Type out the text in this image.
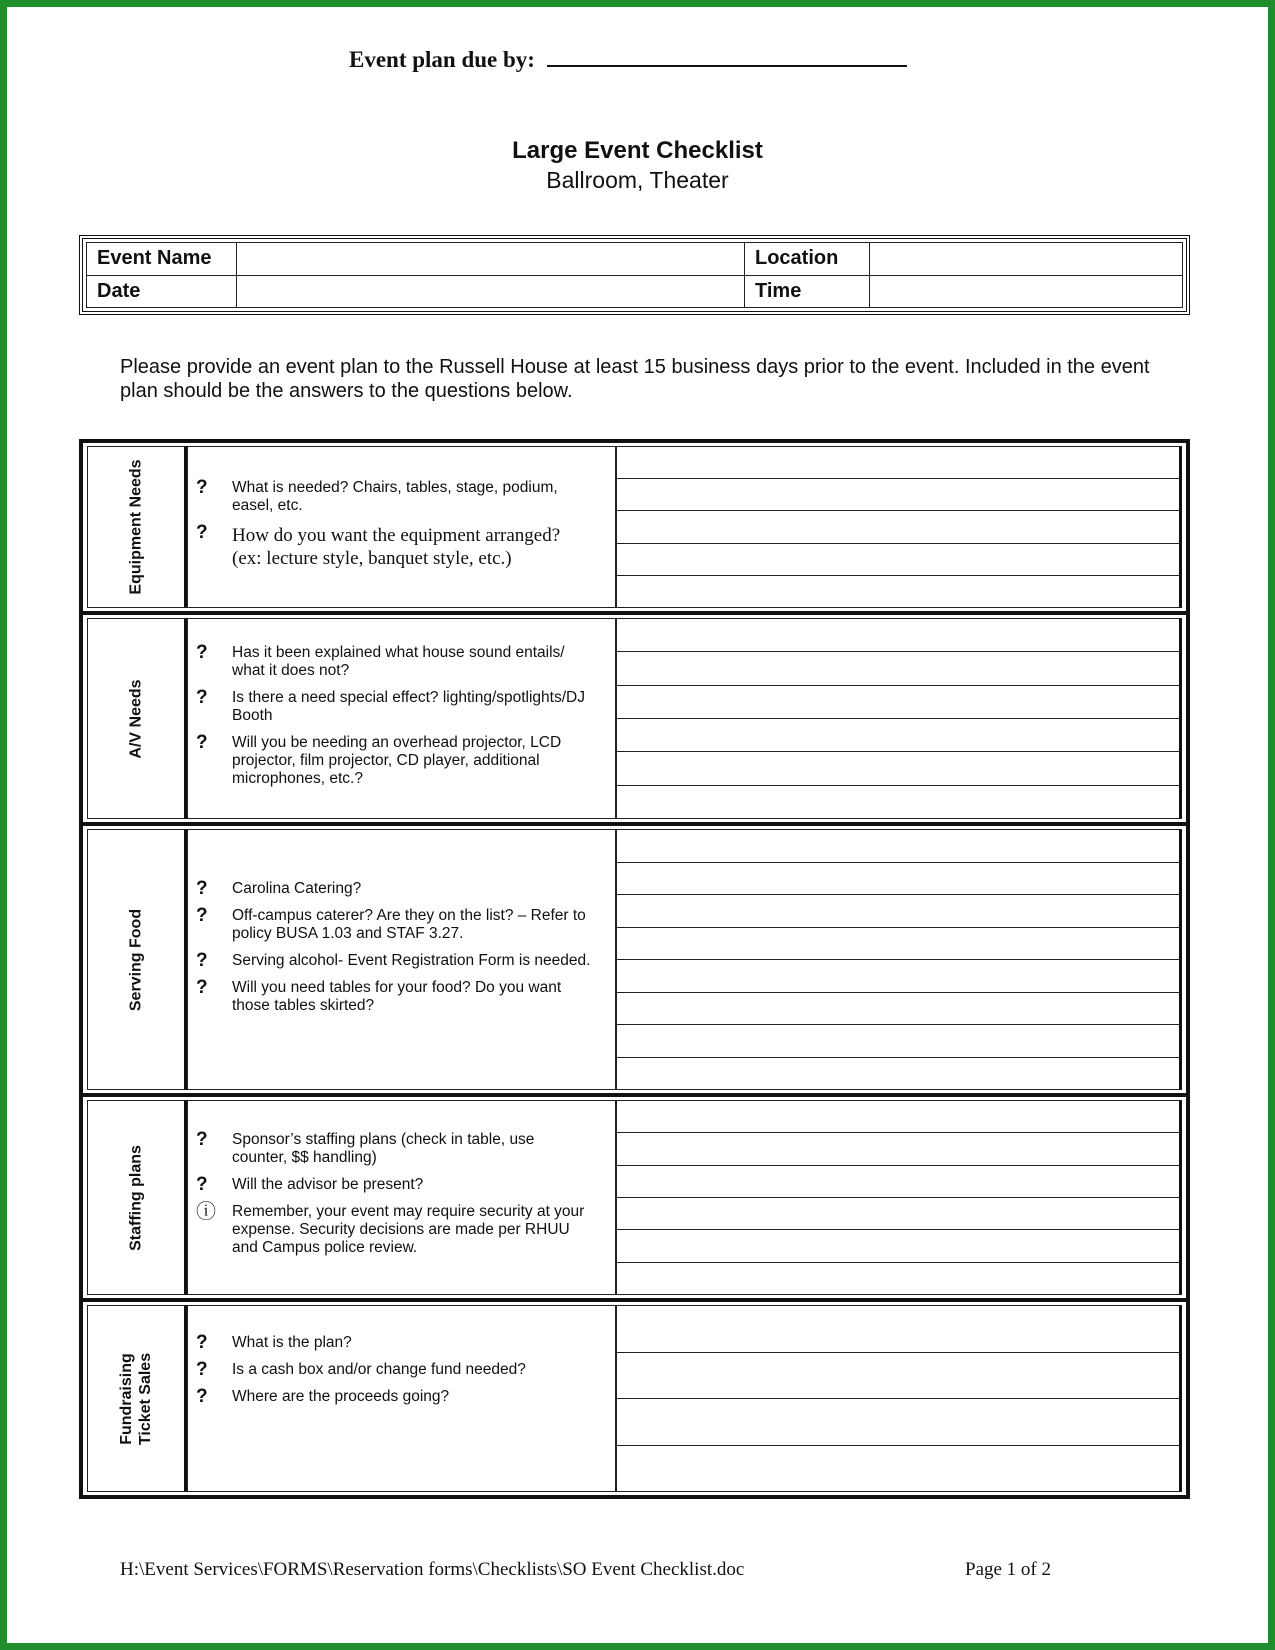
Event plan due by:
Large Event Checklist
Ballroom, Theater
Event Name		Location	
Date		Time	
Please provide an event plan to the Russell House at least 15 business days prior to the event. Included in the event plan should be the answers to the questions below.
Equipment Needs	?	What is needed? Chairs, tables, stage, podium, easel, etc.
?	How do you want the equipment arranged? (ex: lecture style, banquet style, etc.)
A/V Needs
?	Has it been explained what house sound entails/ what it does not?
?	Is there a need special effect? lighting/spotlights/DJ Booth
?	Will you be needing an overhead projector, LCD projector, film projector, CD player, additional microphones, etc.?
Serving Food
?	Carolina Catering?
?	Off-campus caterer? Are they on the list? – Refer to policy BUSA 1.03 and STAF 3.27.
?	Serving alcohol- Event Registration Form is needed.
?	Will you need tables for your food? Do you want those tables skirted?
Staffing plans
?	Sponsor’s staffing plans (check in table, use counter, $$ handling)
?	Will the advisor be present?
ⓘ	Remember, your event may require security at your expense. Security decisions are made per RHUU and Campus police review.
Fundraising Ticket Sales
?	What is the plan?
?	Is a cash box and/or change fund needed?
?	Where are the proceeds going?
H:\Event Services\FORMS\Reservation forms\Checklists\SO Event Checklist.doc	Page 1 of 2
